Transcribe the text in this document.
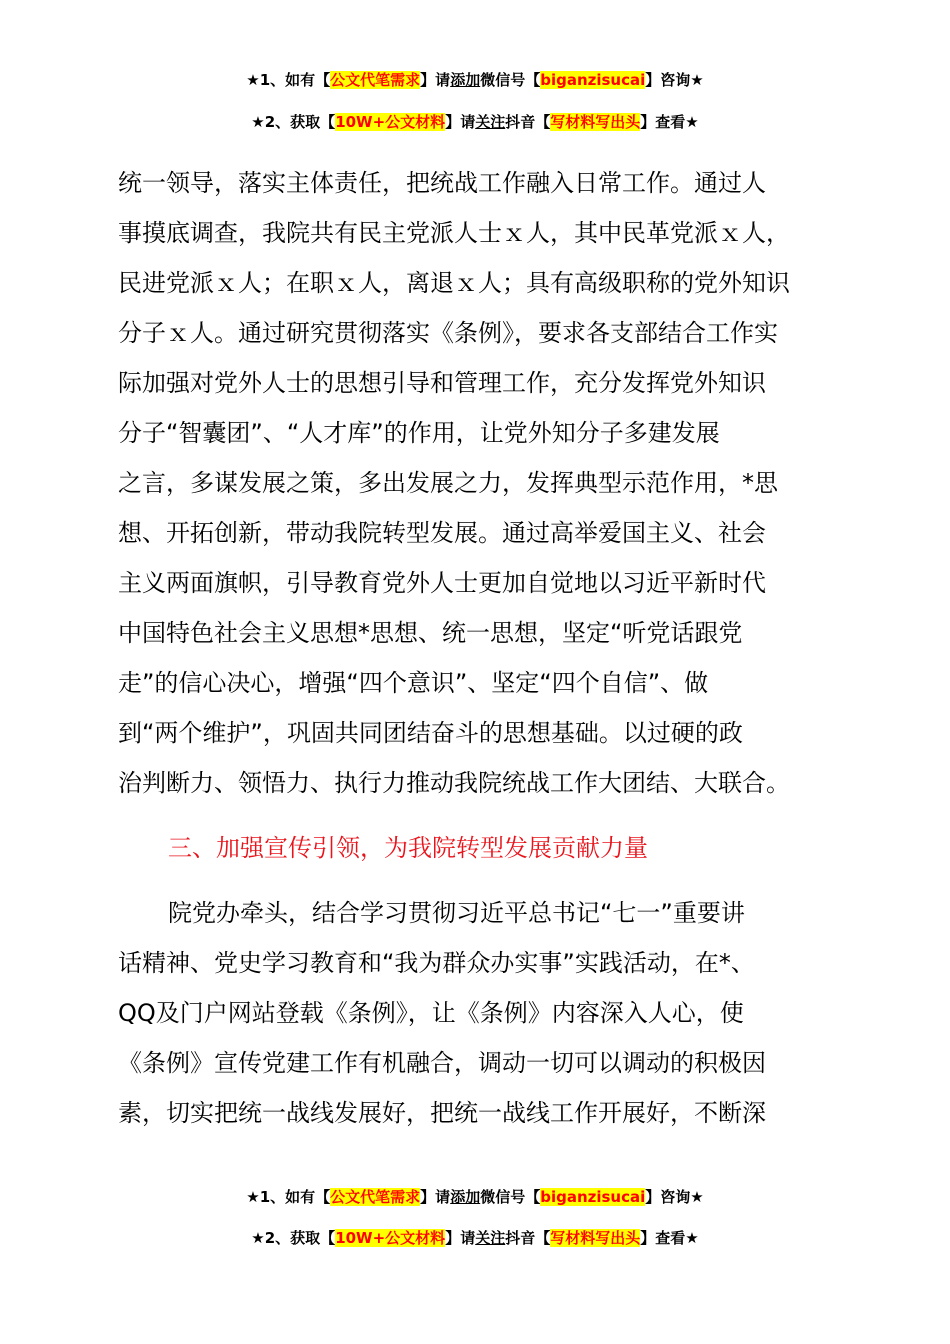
★1、如有【公文代笔需求】请添加微信号【biganzisucai】咨询★
★2、获取【10W+公文材料】请关注抖音【写材料写出头】查看★
统一领导，落实主体责任，把统战工作融入日常工作。通过人
事摸底调查，我院共有民主党派人士ｘ人，其中民革党派ｘ人，
民进党派ｘ人；在职ｘ人，离退ｘ人；具有高级职称的党外知识
分子ｘ人。通过研究贯彻落实《条例》，要求各支部结合工作实
际加强对党外人士的思想引导和管理工作，充分发挥党外知识
分子“智囊团”、“人才库”的作用，让党外知分子多建发展
之言，多谋发展之策，多出发展之力，发挥典型示范作用，*思
想、开拓创新，带动我院转型发展。通过高举爱国主义、社会
主义两面旗帜，引导教育党外人士更加自觉地以习近平新时代
中国特色社会主义思想*思想、统一思想，坚定“听党话跟党
走”的信心决心，增强“四个意识”、坚定“四个自信”、做
到“两个维护”，巩固共同团结奋斗的思想基础。以过硬的政
治判断力、领悟力、执行力推动我院统战工作大团结、大联合。
三、加强宣传引领，为我院转型发展贡献力量
院党办牵头，结合学习贯彻习近平总书记“七一”重要讲
话精神、党史学习教育和“我为群众办实事”实践活动，在*、
QQ及门户网站登载《条例》，让《条例》内容深入人心，使
《条例》宣传党建工作有机融合，调动一切可以调动的积极因
素，切实把统一战线发展好，把统一战线工作开展好，不断深
★1、如有【公文代笔需求】请添加微信号【biganzisucai】咨询★
★2、获取【10W+公文材料】请关注抖音【写材料写出头】查看★
